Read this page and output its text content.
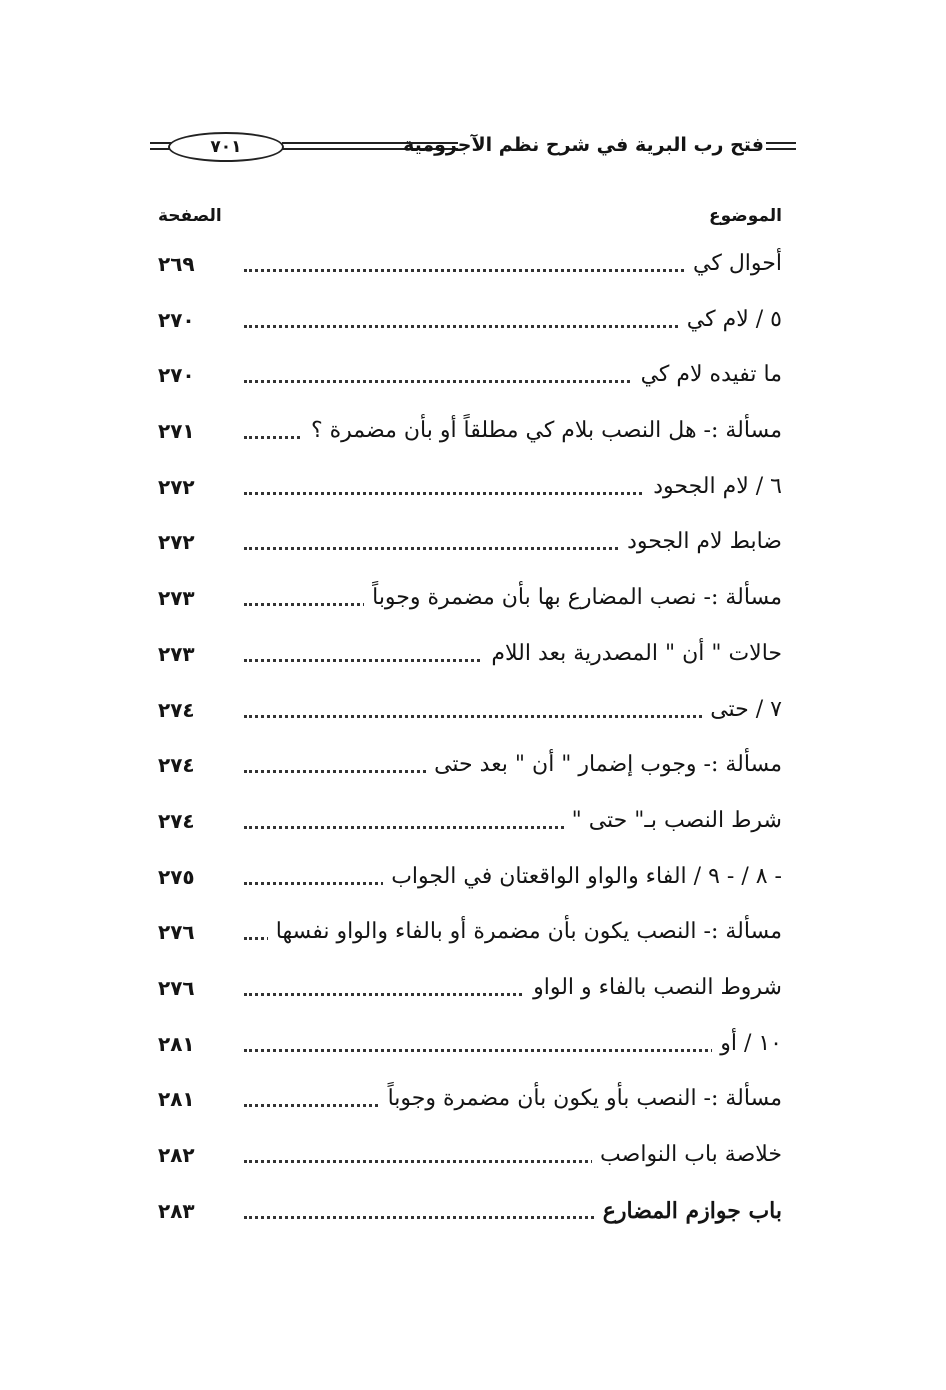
٧٠١	فتح رب البرية في شرح نظم الآجرومية
الموضوع
الصفحة
أحوال كي
٢٦٩
٥ / لام كي
٢٧٠
ما تفيده لام كي
٢٧٠
مسألة :- هل النصب بلام كي مطلقاً أو بأن مضمرة ؟
٢٧١
٦ / لام الجحود
٢٧٢
ضابط لام الجحود
٢٧٢
مسألة :- نصب المضارع بها بأن مضمرة وجوباً
٢٧٣
حالات " أن " المصدرية بعد اللام
٢٧٣
٧ / حتى
٢٧٤
مسألة :- وجوب إضمار " أن " بعد حتى
٢٧٤
شرط النصب بـ" حتى "
٢٧٤
- ٨ / - ٩ / الفاء والواو الواقعتان في الجواب
٢٧٥
مسألة :- النصب يكون بأن مضمرة أو بالفاء والواو نفسها
٢٧٦
شروط النصب بالفاء و الواو
٢٧٦
١٠ / أو
٢٨١
مسألة :- النصب بأو يكون بأن مضمرة وجوباً
٢٨١
خلاصة باب النواصب
٢٨٢
باب جوازم المضارع
٢٨٣
